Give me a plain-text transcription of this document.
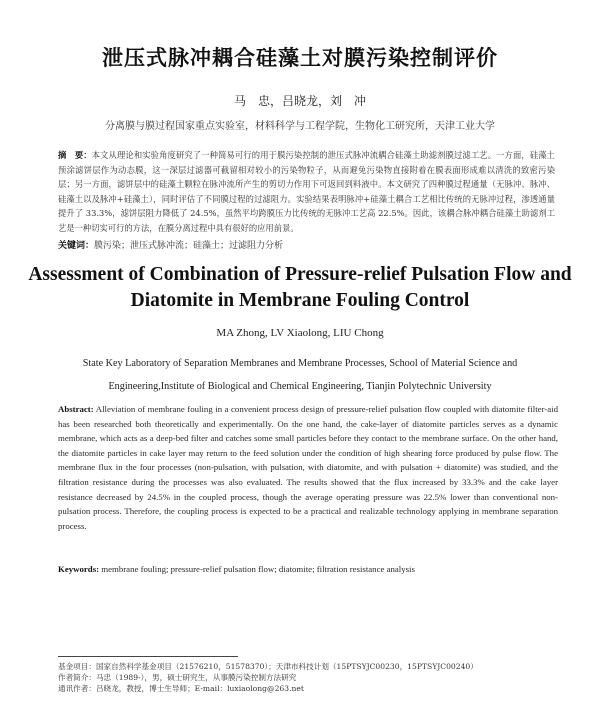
泄压式脉冲耦合硅藻土对膜污染控制评价
马　忠，吕晓龙，刘　冲
分离膜与膜过程国家重点实验室，材料科学与工程学院，生物化工研究所，天津工业大学
摘　要：本文从理论和实验角度研究了一种简易可行的用于膜污染控制的泄压式脉冲流耦合硅藻土助滤剂膜过滤工艺。一方面，硅藻土预涂滤饼层作为动态膜，这一深层过滤器可截留相对较小的污染物粒子，从而避免污染物直接附着在膜表面形成难以清洗的致密污染层；另一方面，滤饼层中的硅藻土颗粒在脉冲流所产生的剪切力作用下可返回到料液中。本文研究了四种膜过程通量（无脉冲、脉冲、硅藻土以及脉冲+硅藻土），同时评估了不同膜过程的过滤阻力。实验结果表明脉冲+硅藻土耦合工艺相比传统的无脉冲过程，渗透通量提升了 33.3%，滤饼层阻力降低了 24.5%，虽然平均跨膜压力比传统的无脉冲工艺高 22.5%。因此，该耦合脉冲耦合硅藻土助滤剂工艺是一种切实可行的方法，在膜分离过程中具有很好的应用前景。
关键词：膜污染；泄压式脉冲流；硅藻土；过滤阻力分析
Assessment of Combination of Pressure-relief Pulsation Flow and Diatomite in Membrane Fouling Control
MA Zhong, LV Xiaolong, LIU Chong
State Key Laboratory of Separation Membranes and Membrane Processes, School of Material Science and
Engineering,Institute of Biological and Chemical Engineering, Tianjin Polytechnic University
Abstract: Alleviation of membrane fouling in a convenient process design of pressure-relief pulsation flow coupled with diatomite filter-aid has been researched both theoretically and experimentally. On the one hand, the cake-layer of diatomite particles serves as a dynamic membrane, which acts as a deep-bed filter and catches some small particles before they contact to the membrane surface. On the other hand, the diatomite particles in cake layer may return to the feed solution under the condition of high shearing force produced by pulse flow. The membrane flux in the four processes (non-pulsation, with pulsation, with diatomite, and with pulsation + diatomite) was studied, and the filtration resistance during the processes was also evaluated. The results showed that the flux increased by 33.3% and the cake layer resistance decreased by 24.5% in the coupled process, though the average operating pressure was 22.5% lower than conventional non-pulsation process. Therefore, the coupling process is expected to be a practical and realizable technology applying in membrane separation process.
Keywords: membrane fouling; pressure-relief pulsation flow; diatomite; filtration resistance analysis
基金项目：国家自然科学基金项目（21576210，51578370）；天津市科技计划（15PTSYJC00230，15PTSYJC00240）
作者简介：马忠（1989-），男，硕士研究生，从事膜污染控制方法研究
通讯作者：吕晓龙，教授，博士生导师；E-mail：luxiaolong@263.net
